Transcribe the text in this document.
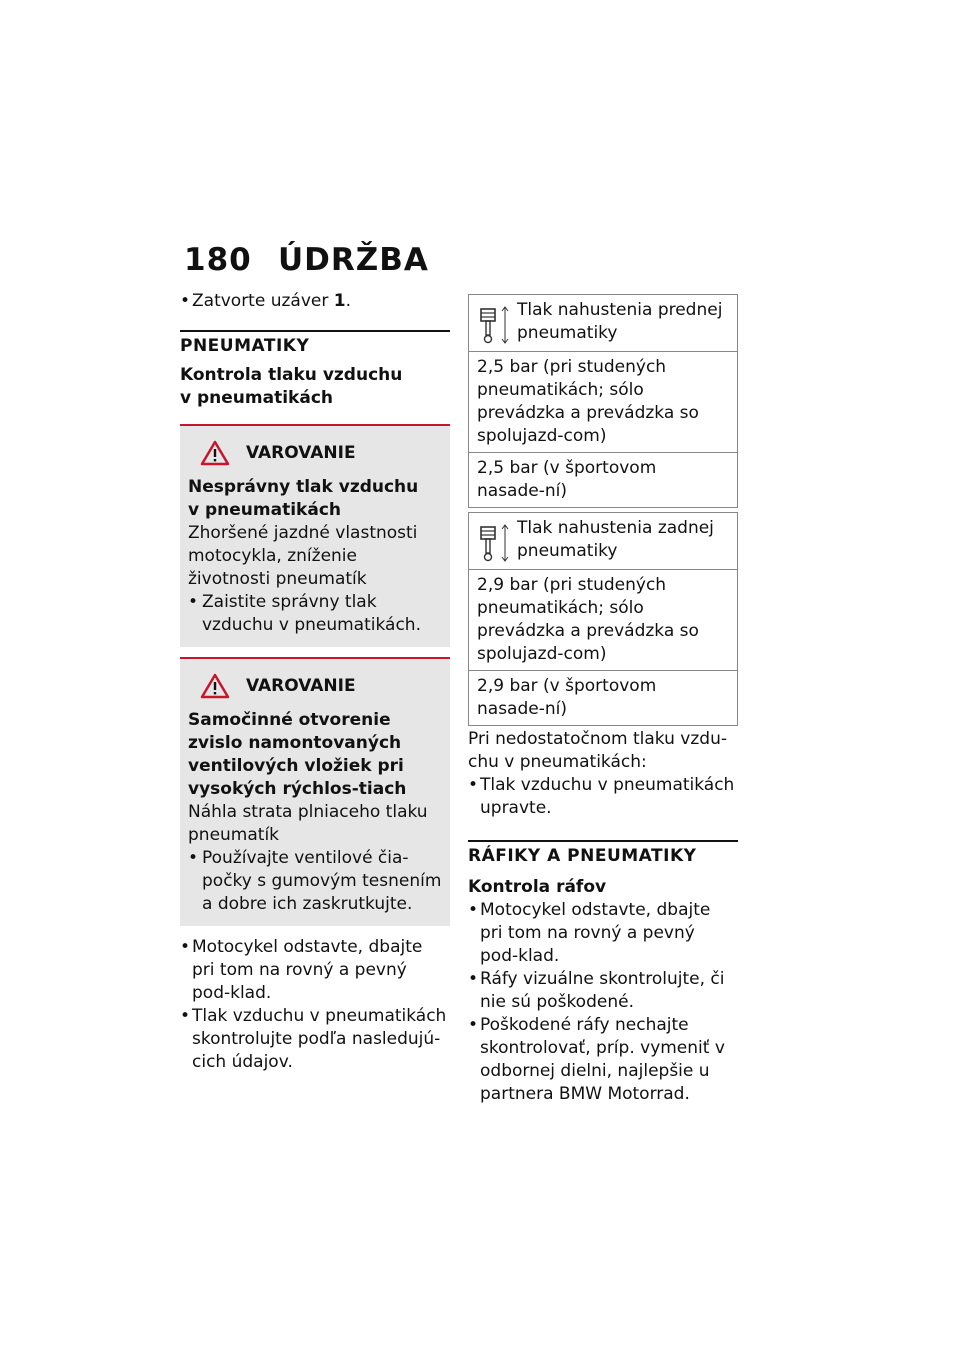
180 ÚDRŽBA

• Zatvorte uzáver 1.

PNEUMATIKY

Kontrola tlaku vzduchu

v pneumatikách

VAROVANIE

Nesprávny tlak vzduchu

v pneumatikách

Zhoršené jazdné vlastnosti motocykla, zníženie životnosti pneumatík

• Zaistite správny tlak vzduchu v pneumatikách.

VAROVANIE

Samočinné otvorenie zvislo namontovaných ventilových vložiek pri vysokých rýchlos-tiach

Náhla strata plniaceho tlaku pneumatík

• Používajte ventilové čia-počky s gumovým tesnením a dobre ich zaskrutkujte.

• Motocykel odstavte, dbajte pri tom na rovný a pevný pod-klad.

• Tlak vzduchu v pneumatikách skontrolujte podľa nasledujú-cich údajov.

Tlak nahustenia prednej pneumatiky
2,5 bar (pri studených pneumatikách; sólo prevádzka a prevádzka so spolujazd-com)
2,5 bar (v športovom nasade-ní)
Tlak nahustenia zadnej pneumatiky
2,9 bar (pri studených pneumatikách; sólo prevádzka a prevádzka so spolujazd-com)
2,9 bar (v športovom nasade-ní)

Pri nedostatočnom tlaku vzdu-chu v pneumatikách:

• Tlak vzduchu v pneumatikách upravte.

RÁFIKY A PNEUMATIKY

Kontrola ráfov

• Motocykel odstavte, dbajte pri tom na rovný a pevný pod-klad.

• Ráfy vizuálne skontrolujte, či nie sú poškodené.

• Poškodené ráfy nechajte skontrolovať, príp. vymeniť v odbornej dielni, najlepšie u partnera BMW Motorrad.
